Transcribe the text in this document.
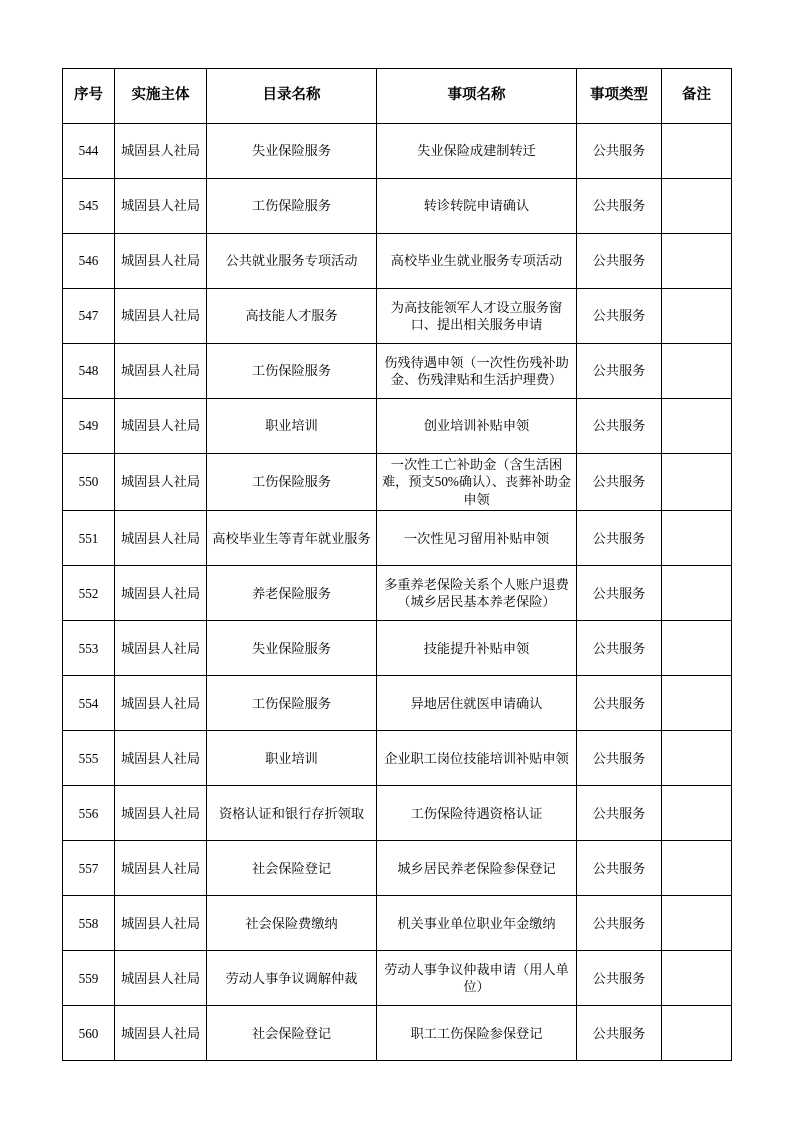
序号	实施主体	目录名称	事项名称	事项类型	备注
544	城固县人社局	失业保险服务	失业保险成建制转迁	公共服务	
545	城固县人社局	工伤保险服务	转诊转院申请确认	公共服务	
546	城固县人社局	公共就业服务专项活动	高校毕业生就业服务专项活动	公共服务	
547	城固县人社局	高技能人才服务	为高技能领军人才设立服务窗口、提出相关服务申请	公共服务	
548	城固县人社局	工伤保险服务	伤残待遇申领（一次性伤残补助金、伤残津贴和生活护理费）	公共服务	
549	城固县人社局	职业培训	创业培训补贴申领	公共服务	
550	城固县人社局	工伤保险服务	一次性工亡补助金（含生活困难，预支50%确认）、丧葬补助金申领	公共服务	
551	城固县人社局	高校毕业生等青年就业服务	一次性见习留用补贴申领	公共服务	
552	城固县人社局	养老保险服务	多重养老保险关系个人账户退费（城乡居民基本养老保险）	公共服务	
553	城固县人社局	失业保险服务	技能提升补贴申领	公共服务	
554	城固县人社局	工伤保险服务	异地居住就医申请确认	公共服务	
555	城固县人社局	职业培训	企业职工岗位技能培训补贴申领	公共服务	
556	城固县人社局	资格认证和银行存折领取	工伤保险待遇资格认证	公共服务	
557	城固县人社局	社会保险登记	城乡居民养老保险参保登记	公共服务	
558	城固县人社局	社会保险费缴纳	机关事业单位职业年金缴纳	公共服务	
559	城固县人社局	劳动人事争议调解仲裁	劳动人事争议仲裁申请（用人单位）	公共服务	
560	城固县人社局	社会保险登记	职工工伤保险参保登记	公共服务	
